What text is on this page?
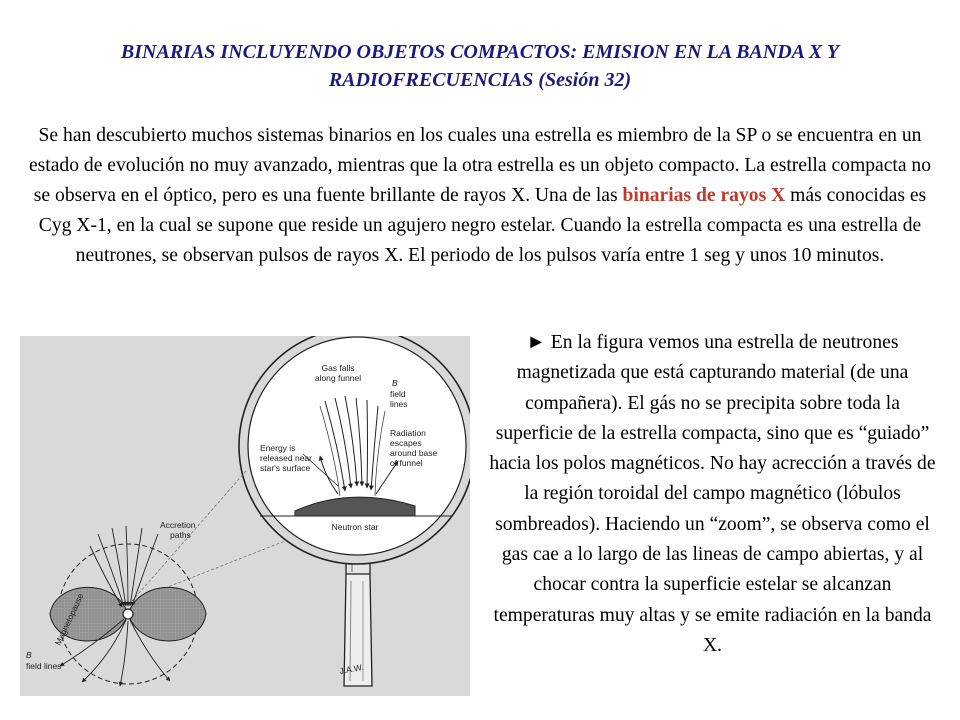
BINARIAS INCLUYENDO OBJETOS COMPACTOS: EMISION EN LA BANDA X Y
RADIOFRECUENCIAS (Sesión 32)
Se han descubierto muchos sistemas binarios en los cuales una estrella es miembro de la SP o se encuentra en un estado de evolución no muy avanzado, mientras que la otra estrella es un objeto compacto. La estrella compacta no se observa en el óptico, pero es una fuente brillante de rayos X. Una de las binarias de rayos X más conocidas es Cyg X-1, en la cual se supone que reside un agujero negro estelar. Cuando la estrella compacta es una estrella de neutrones, se observan pulsos de rayos X. El periodo de los pulsos varía entre 1 seg y unos 10 minutos.
Gas falls
along funnel	B
field
lines
Energy is
released near
star's surface
Radiation
escapes
around base
of funnel
Neutron star
Accretion
paths
Magnetopause
B
field lines	J.A.W.
► En la figura vemos una estrella de neutrones magnetizada que está capturando material (de una compañera). El gás no se precipita sobre toda la superficie de la estrella compacta, sino que es “guiado” hacia los polos magnéticos. No hay acrección a través de la región toroidal del campo magnético (lóbulos sombreados). Haciendo un “zoom”, se observa como el gas cae a lo largo de las lineas de campo abiertas, y al chocar contra la superficie estelar se alcanzan temperaturas muy altas y se emite radiación en la banda X.
